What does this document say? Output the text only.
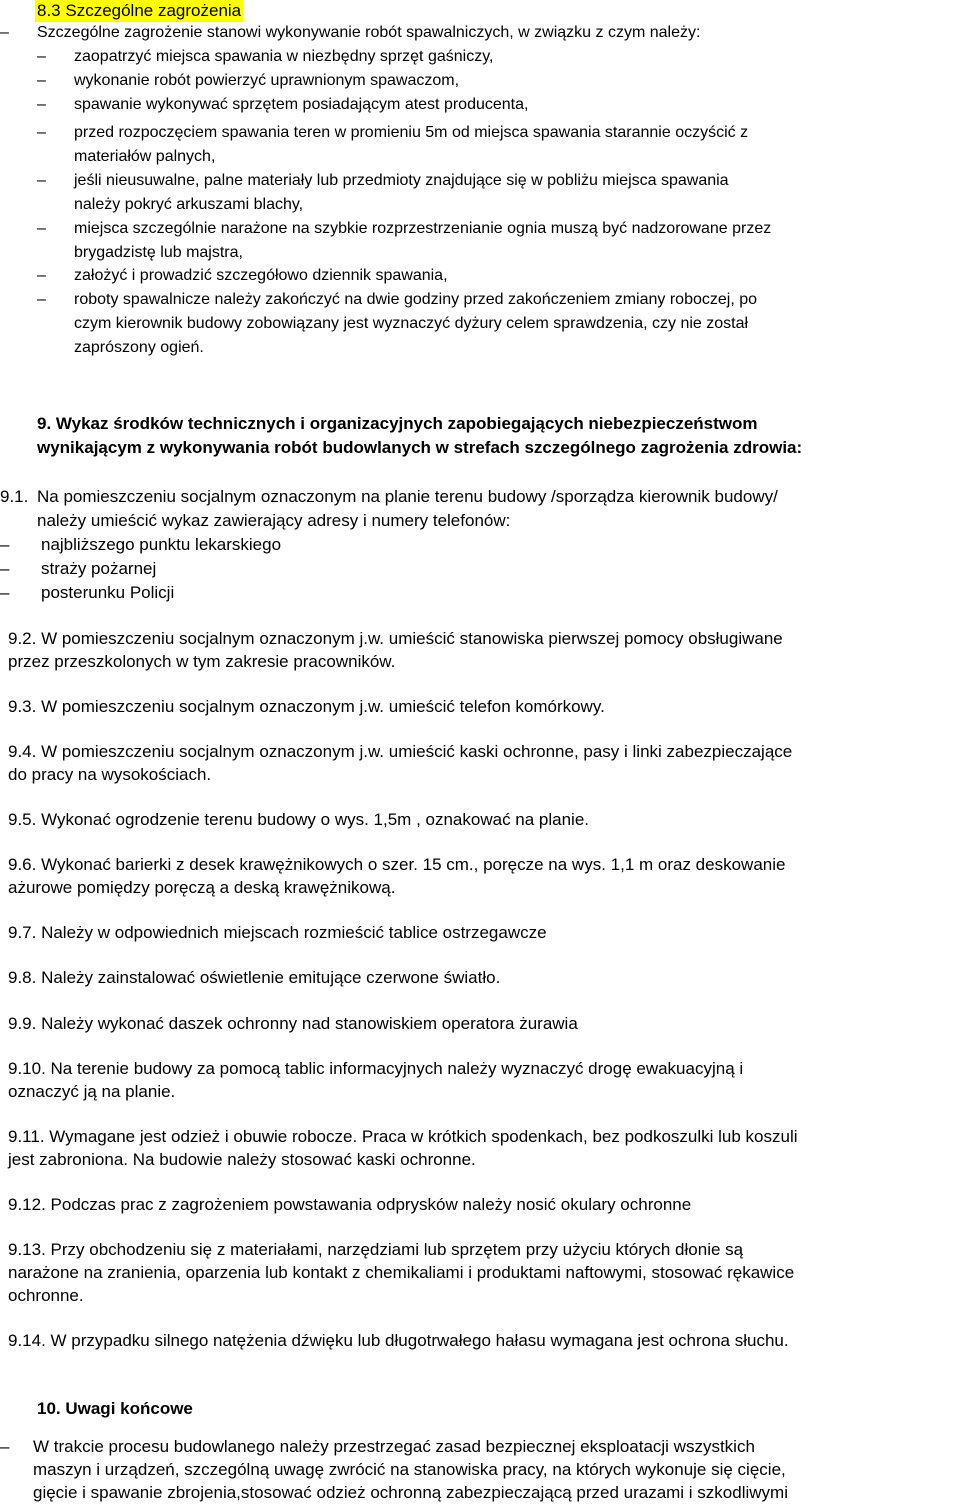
8.3 Szczególne zagrożenia
– Szczególne zagrożenie stanowi wykonywanie robót spawalniczych, w związku z czym należy:
– zaopatrzyć miejsca spawania w niezbędny sprzęt gaśniczy,
– wykonanie robót powierzyć uprawnionym spawaczom,
– spawanie wykonywać sprzętem posiadającym atest producenta,
– przed rozpoczęciem spawania teren w promieniu 5m od miejsca spawania starannie oczyścić z
materiałów palnych,
– jeśli nieusuwalne, palne materiały lub przedmioty znajdujące się w pobliżu miejsca spawania
należy pokryć arkuszami blachy,
– miejsca szczególnie narażone na szybkie rozprzestrzenianie ognia muszą być nadzorowane przez
brygadzistę lub majstra,
– założyć i prowadzić szczegółowo dziennik spawania,
– roboty spawalnicze należy zakończyć na dwie godziny przed zakończeniem zmiany roboczej, po
czym kierownik budowy zobowiązany jest wyznaczyć dyżury celem sprawdzenia, czy nie został
zaprószony ogień.
9. Wykaz środków technicznych i organizacyjnych zapobiegających niebezpieczeństwom
wynikającym z wykonywania robót budowlanych w strefach szczególnego zagrożenia zdrowia:
9.1. Na pomieszczeniu socjalnym oznaczonym na planie terenu budowy /sporządza kierownik budowy/
należy umieścić wykaz zawierający adresy i numery telefonów:
– najbliższego punktu lekarskiego
– straży pożarnej
– posterunku Policji
9.2. W pomieszczeniu socjalnym oznaczonym j.w. umieścić stanowiska pierwszej pomocy obsługiwane
przez przeszkolonych w tym zakresie pracowników.
9.3. W pomieszczeniu socjalnym oznaczonym j.w. umieścić telefon komórkowy.
9.4. W pomieszczeniu socjalnym oznaczonym j.w. umieścić kaski ochronne, pasy i linki zabezpieczające
do pracy na wysokościach.
9.5. Wykonać ogrodzenie terenu budowy o wys. 1,5m , oznakować na planie.
9.6. Wykonać barierki z desek krawężnikowych o szer. 15 cm., poręcze na wys. 1,1 m oraz deskowanie
ażurowe pomiędzy poręczą a deską krawężnikową.
9.7. Należy w odpowiednich miejscach rozmieścić tablice ostrzegawcze
9.8. Należy zainstalować oświetlenie emitujące czerwone światło.
9.9. Należy wykonać daszek ochronny nad stanowiskiem operatora żurawia
9.10. Na terenie budowy za pomocą tablic informacyjnych należy wyznaczyć drogę ewakuacyjną i
oznaczyć ją na planie.
9.11. Wymagane jest odzież i obuwie robocze. Praca w krótkich spodenkach, bez podkoszulki lub koszuli
jest zabroniona. Na budowie należy stosować kaski ochronne.
9.12. Podczas prac z zagrożeniem powstawania odprysków należy nosić okulary ochronne
9.13. Przy obchodzeniu się z materiałami, narzędziami lub sprzętem przy użyciu których dłonie są
narażone na zranienia, oparzenia lub kontakt z chemikaliami i produktami naftowymi, stosować rękawice
ochronne.
9.14. W przypadku silnego natężenia dźwięku lub długotrwałego hałasu wymagana jest ochrona słuchu.
10. Uwagi końcowe
– W trakcie procesu budowlanego należy przestrzegać zasad bezpiecznej eksploatacji wszystkich
maszyn i urządzeń, szczególną uwagę zwrócić na stanowiska pracy, na których wykonuje się cięcie,
gięcie i spawanie zbrojenia,stosować odzież ochronną zabezpieczającą przed urazami i szkodliwymi
